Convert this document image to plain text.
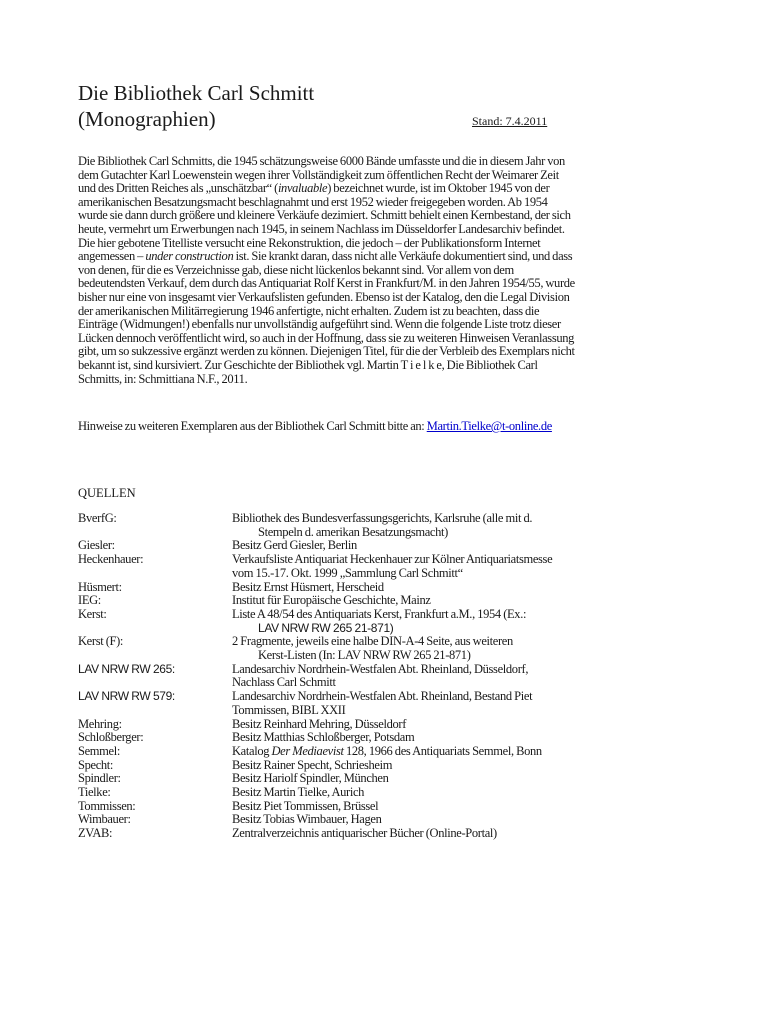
Die Bibliothek Carl Schmitt
(Monographien)	Stand: 7.4.2011

Die Bibliothek Carl Schmitts, die 1945 schätzungsweise 6000 Bände umfasste und die in diesem Jahr von dem Gutachter Karl Loewenstein wegen ihrer Vollständigkeit zum öffentlichen Recht der Weimarer Zeit und des Dritten Reiches als „unschätzbar“ (invaluable) bezeichnet wurde, ist im Oktober 1945 von der amerikanischen Besatzungsmacht beschlagnahmt und erst 1952 wieder freigegeben worden. Ab 1954 wurde sie dann durch größere und kleinere Verkäufe dezimiert. Schmitt behielt einen Kernbestand, der sich heute, vermehrt um Erwerbungen nach 1945, in seinem Nachlass im Düsseldorfer Landesarchiv befindet. Die hier gebotene Titelliste versucht eine Rekonstruktion, die jedoch – der Publikationsform Internet angemessen – under construction ist. Sie krankt daran, dass nicht alle Verkäufe dokumentiert sind, und dass von denen, für die es Verzeichnisse gab, diese nicht lückenlos bekannt sind. Vor allem von dem bedeutendsten Verkauf, dem durch das Antiquariat Rolf Kerst in Frankfurt/M. in den Jahren 1954/55, wurde bisher nur eine von insgesamt vier Verkaufslisten gefunden. Ebenso ist der Katalog, den die Legal Division der amerikanischen Militärregierung 1946 anfertigte, nicht erhalten. Zudem ist zu beachten, dass die Einträge (Widmungen!) ebenfalls nur unvollständig aufgeführt sind. Wenn die folgende Liste trotz dieser Lücken dennoch veröffentlicht wird, so auch in der Hoffnung, dass sie zu weiteren Hinweisen Veranlassung gibt, um so sukzessive ergänzt werden zu können. Diejenigen Titel, für die der Verbleib des Exemplars nicht bekannt ist, sind kursiviert. Zur Geschichte der Bibliothek vgl. Martin T i e l k e, Die Bibliothek Carl Schmitts, in: Schmittiana N.F., 2011.

Hinweise zu weiteren Exemplaren aus der Bibliothek Carl Schmitt bitte an: Martin.Tielke@t-online.de

QUELLEN

BverfG:	Bibliothek des Bundesverfassungsgerichts, Karlsruhe (alle mit d.
Stempeln d. amerikan Besatzungsmacht)
Giesler:	Besitz Gerd Giesler, Berlin
Heckenhauer:	Verkaufsliste Antiquariat Heckenhauer zur Kölner Antiquariatsmesse
vom 15.-17. Okt. 1999 „Sammlung Carl Schmitt“
Hüsmert:	Besitz Ernst Hüsmert, Herscheid
IEG:	Institut für Europäische Geschichte, Mainz
Kerst:	Liste A 48/54 des Antiquariats Kerst, Frankfurt a.M., 1954 (Ex.:
LAV NRW RW 265 21-871)
Kerst (F):	2 Fragmente, jeweils eine halbe DIN-A-4 Seite, aus weiteren
Kerst-Listen (In: LAV NRW RW 265 21-871)
LAV NRW RW 265:	Landesarchiv Nordrhein-Westfalen Abt. Rheinland, Düsseldorf,
Nachlass Carl Schmitt
LAV NRW RW 579:	Landesarchiv Nordrhein-Westfalen Abt. Rheinland, Bestand Piet
Tommissen, BIBL XXII
Mehring:	Besitz Reinhard Mehring, Düsseldorf
Schloßberger:	Besitz Matthias Schloßberger, Potsdam
Semmel:	Katalog Der Mediaevist 128, 1966 des Antiquariats Semmel, Bonn
Specht:	Besitz Rainer Specht, Schriesheim
Spindler:	Besitz Hariolf Spindler, München
Tielke:	Besitz Martin Tielke, Aurich
Tommissen:	Besitz Piet Tommissen, Brüssel
Wimbauer:	Besitz Tobias Wimbauer, Hagen
ZVAB:	Zentralverzeichnis antiquarischer Bücher (Online-Portal)
